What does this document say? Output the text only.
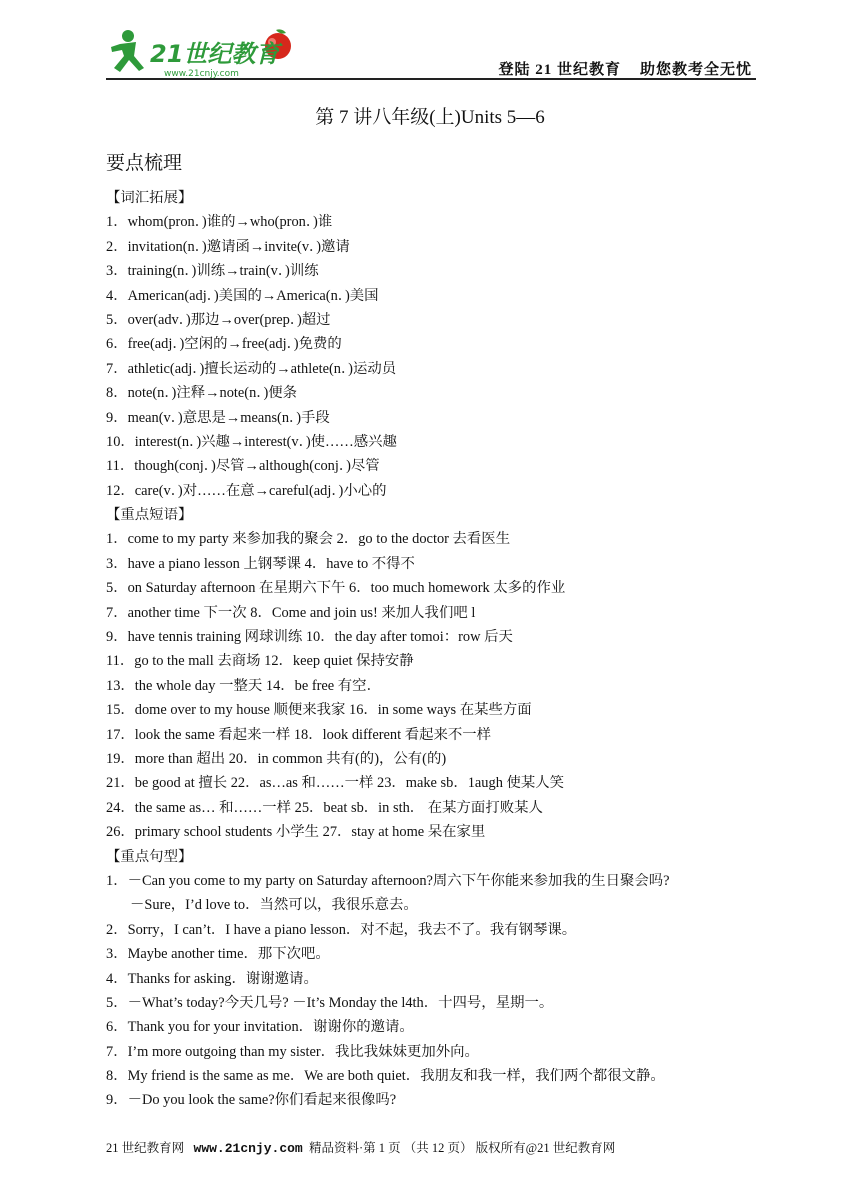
21世纪教育
www.21cnjy.com	登陆 21 世纪教育    助您教考全无忧
第 7 讲八年级(上)Units 5—6
要点梳理
【词汇拓展】
1．whom(pron．)谁的→who(pron．)谁
2．invitation(n．)邀请函→invite(v．)邀请
3．training(n．)训练→train(v．)训练
4．American(adj．)美国的→America(n．)美国
5．over(adv．)那边→over(prep．)超过
6．free(adj．)空闲的→free(adj．)免费的
7．athletic(adj．)擅长运动的→athlete(n．)运动员
8．note(n．)注释→note(n．)便条
9．mean(v．)意思是→means(n．)手段
10．interest(n．)兴趣→interest(v．)使……感兴趣
11．though(conj．)尽管→although(conj．)尽管
12．care(v．)对……在意→careful(adj．)小心的
【重点短语】
1．come to my party 来参加我的聚会 2．go to the doctor 去看医生
3．have a piano lesson 上钢琴课 4．have to 不得不
5．on Saturday afternoon 在星期六下午 6．too much homework 太多的作业
7．another time 下一次 8．Come and join us! 来加人我们吧 l
9．have tennis training 网球训练 10．the day after tomoi：row 后天
11．go to the mall 去商场 12．keep quiet 保持安静
13．the whole day 一整天 14．be free 有空．
15．dome over to my house 顺便来我家 16．in some ways 在某些方面
17．look the same 看起来一样 18．look different 看起来不一样
19．more than 超出 20．in common 共有(的)，公有(的)
21．be good at 擅长 22．as…as 和……一样 23．make sb．1augh 使某人笑
24．the same as… 和……一样 25．beat sb．in sth． 在某方面打败某人
26．primary school students 小学生 27．stay at home 呆在家里
【重点句型】
1．－Can you come to my party on Saturday afternoon?周六下午你能来参加我的生日聚会吗?
－Sure，I’d love to．当然可以，我很乐意去。
2．Sorry，I can’t．I have a piano lesson．对不起，我去不了。我有钢琴课。
3．Maybe another time．那下次吧。
4．Thanks for asking．谢谢邀请。
5．－What’s today?今天几号? －It’s Monday the l4th．十四号，星期一。
6．Thank you for your invitation．谢谢你的邀请。
7．I’m more outgoing than my sister．我比我妹妹更加外向。
8．My friend is the same as me．We are both quiet．我朋友和我一样，我们两个都很文静。
9．－Do you look the same?你们看起来很像吗?
21 世纪教育网   www.21cnjy.com  精品资料·第 1 页 （共 12 页） 版权所有@21 世纪教育网
